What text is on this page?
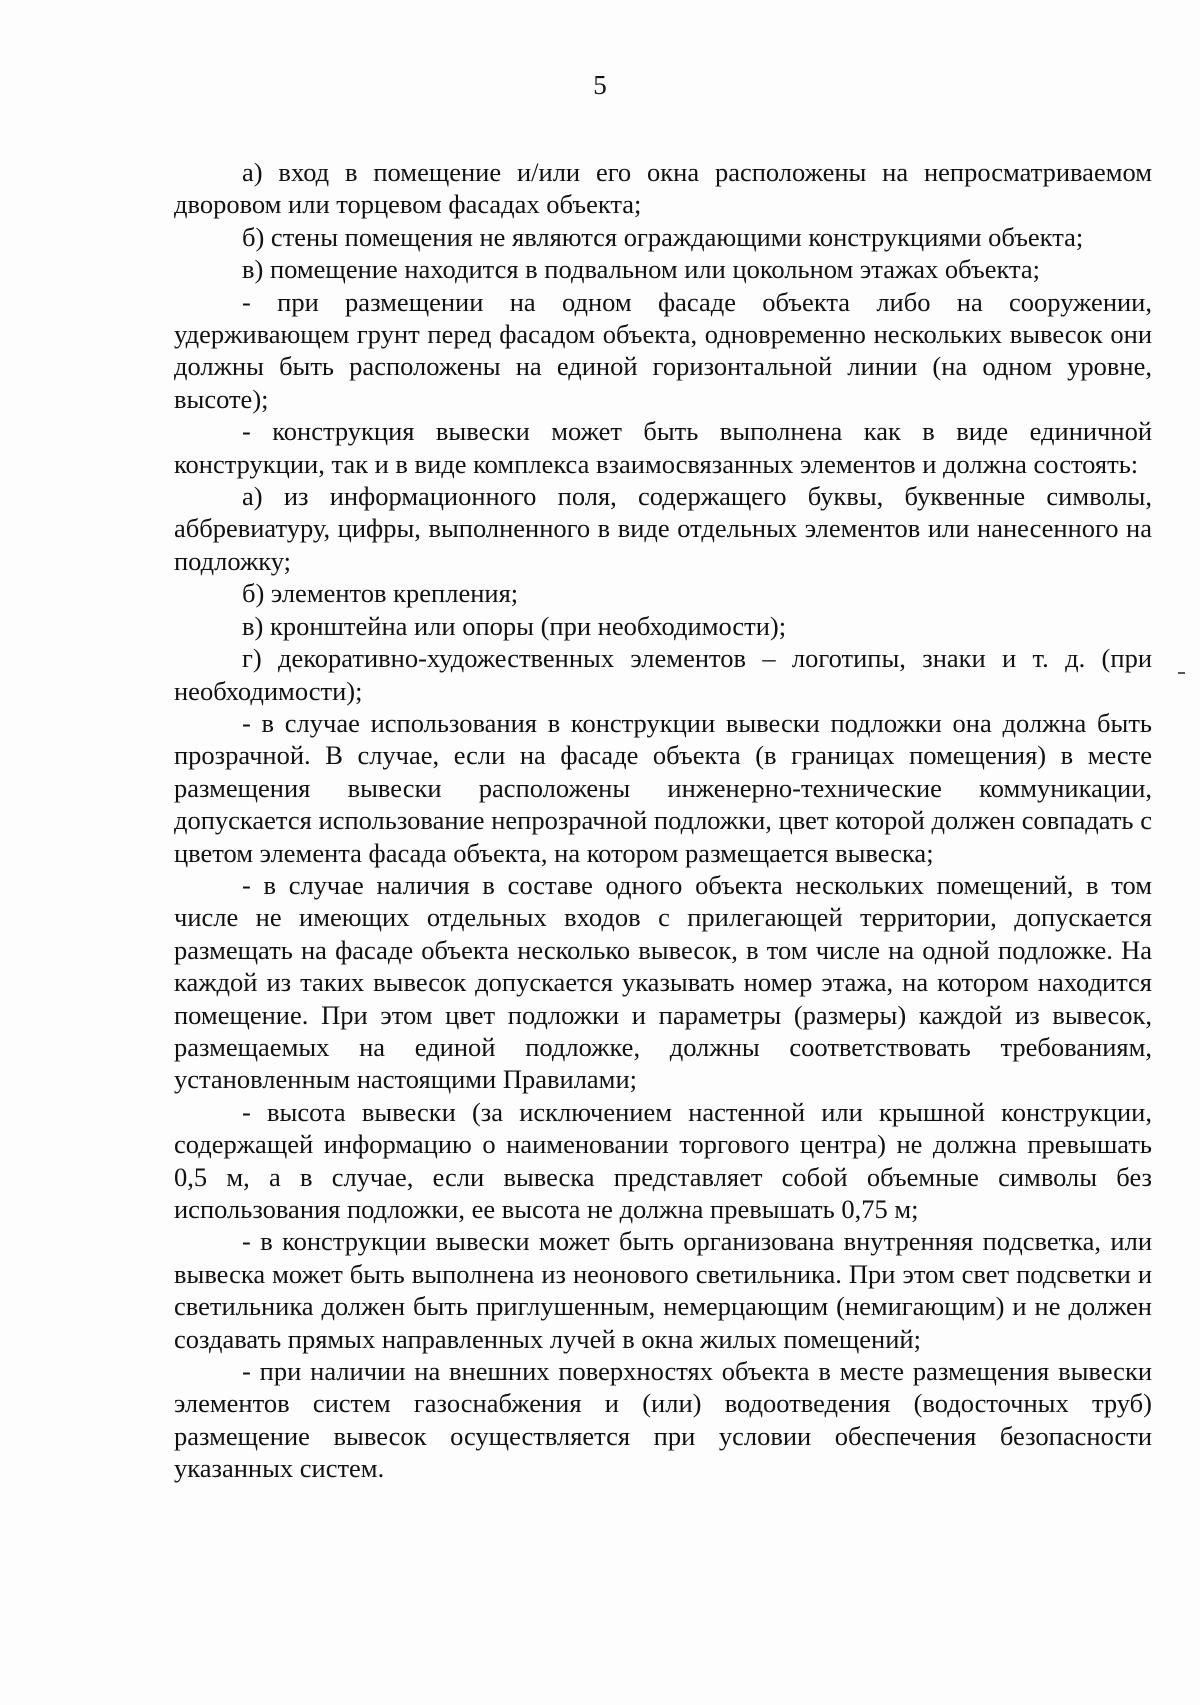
5

а) вход в помещение и/или его окна расположены на непросматриваемом дворовом или торцевом фасадах объекта;

б) стены помещения не являются ограждающими конструкциями объекта;

в) помещение находится в подвальном или цокольном этажах объекта;

- при размещении на одном фасаде объекта либо на сооружении, удерживающем грунт перед фасадом объекта, одновременно нескольких вывесок они должны быть расположены на единой горизонтальной линии (на одном уровне, высоте);

- конструкция вывески может быть выполнена как в виде единичной конструкции, так и в виде комплекса взаимосвязанных элементов и должна состоять:

а) из информационного поля, содержащего буквы, буквенные символы, аббревиатуру, цифры, выполненного в виде отдельных элементов или нанесенного на подложку;

б) элементов крепления;

в) кронштейна или опоры (при необходимости);

г) декоративно-художественных элементов – логотипы, знаки и т. д. (при необходимости);

- в случае использования в конструкции вывески подложки она должна быть прозрачной. В случае, если на фасаде объекта (в границах помещения) в месте размещения вывески расположены инженерно-технические коммуникации, допускается использование непрозрачной подложки, цвет которой должен совпадать с цветом элемента фасада объекта, на котором размещается вывеска;

- в случае наличия в составе одного объекта нескольких помещений, в том числе не имеющих отдельных входов с прилегающей территории, допускается размещать на фасаде объекта несколько вывесок, в том числе на одной подложке. На каждой из таких вывесок допускается указывать номер этажа, на котором находится помещение. При этом цвет подложки и параметры (размеры) каждой из вывесок, размещаемых на единой подложке, должны соответствовать требованиям, установленным настоящими Правилами;

- высота вывески (за исключением настенной или крышной конструкции, содержащей информацию о наименовании торгового центра) не должна превышать 0,5 м, а в случае, если вывеска представляет собой объемные символы без использования подложки, ее высота не должна превышать 0,75 м;

- в конструкции вывески может быть организована внутренняя подсветка, или вывеска может быть выполнена из неонового светильника. При этом свет подсветки и светильника должен быть приглушенным, немерцающим (немигающим) и не должен создавать прямых направленных лучей в окна жилых помещений;

- при наличии на внешних поверхностях объекта в месте размещения вывески элементов систем газоснабжения и (или) водоотведения (водосточных труб) размещение вывесок осуществляется при условии обеспечения безопасности указанных систем.
